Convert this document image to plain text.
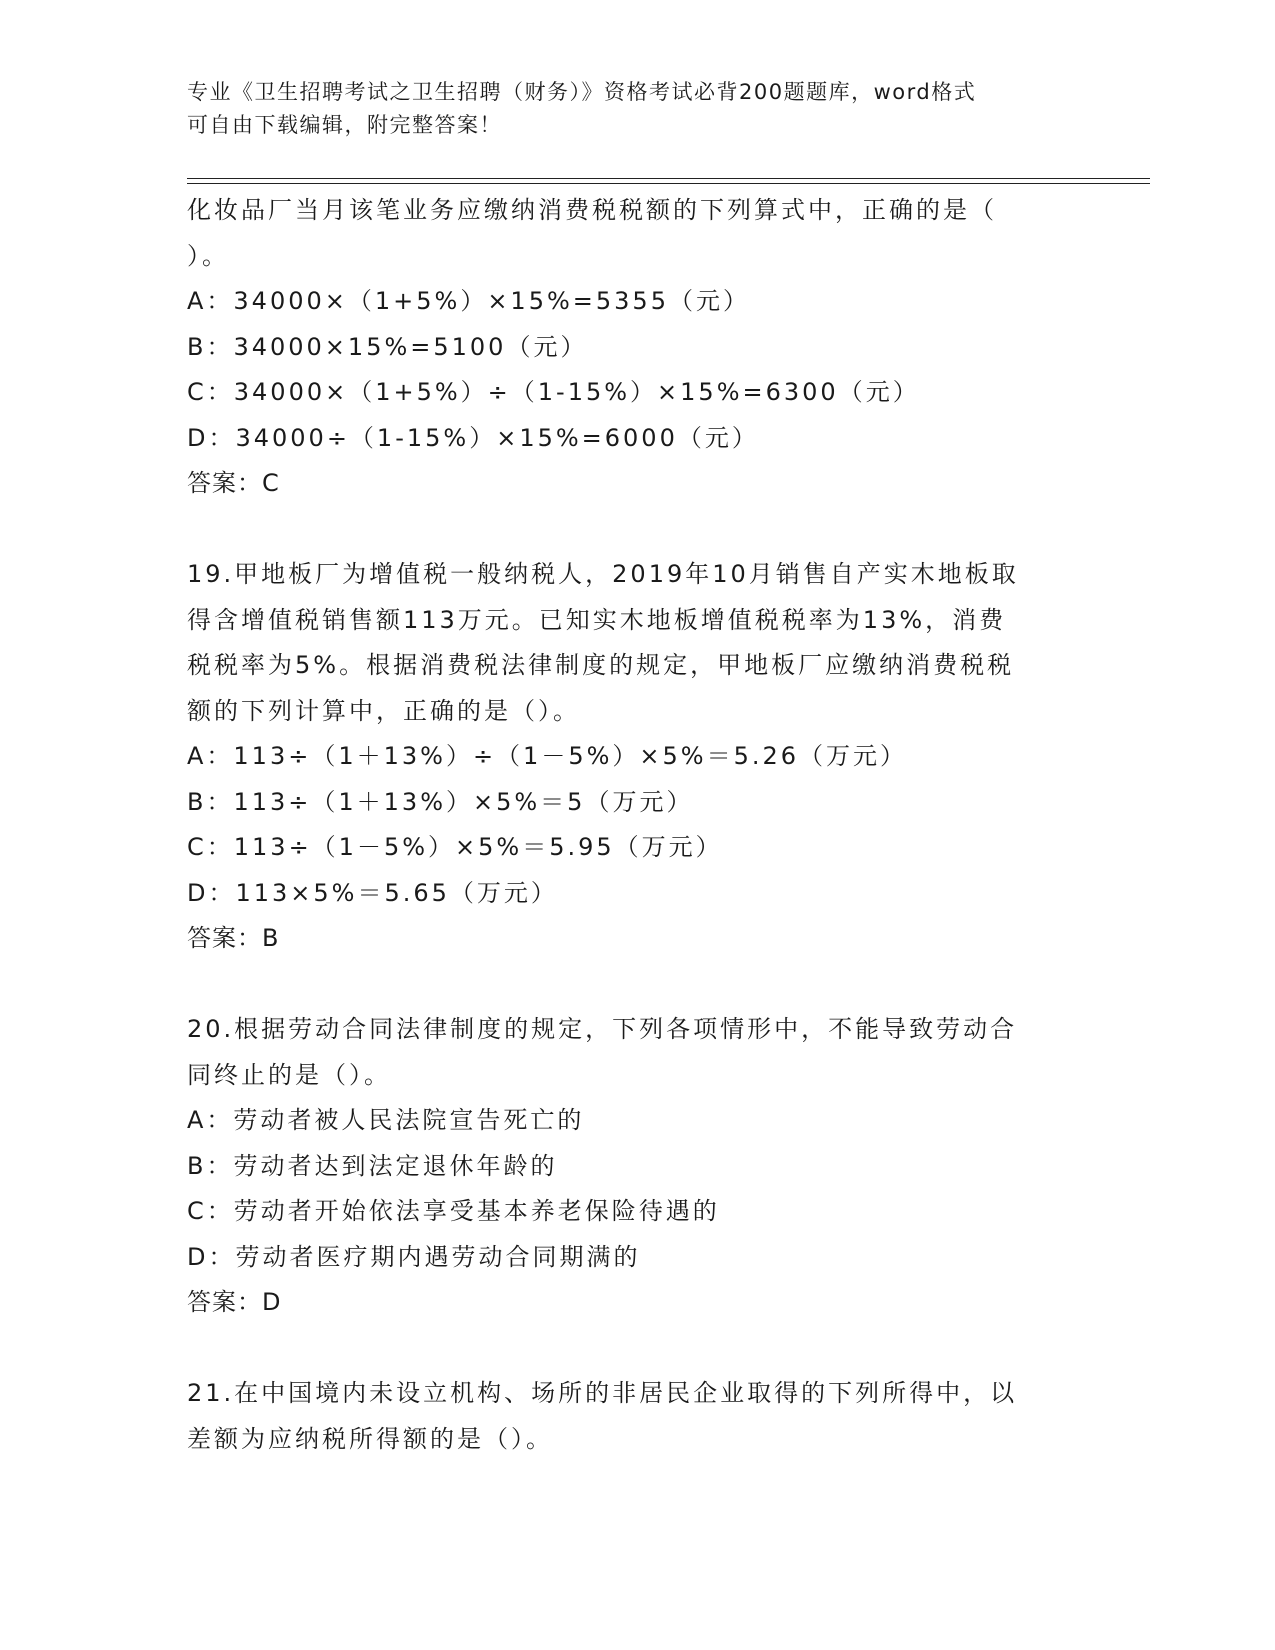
专业《卫生招聘考试之卫生招聘（财务）》资格考试必背200题题库，word格式
可自由下载编辑，附完整答案！
化妆品厂当月该笔业务应缴纳消费税税额的下列算式中，正确的是（
）。
A：34000×（1+5%）×15%=5355（元）
B：34000×15%=5100（元）
C：34000×（1+5%）÷（1-15%）×15%=6300（元）
D：34000÷（1-15%）×15%=6000（元）
答案：C
19.甲地板厂为增值税一般纳税人，2019年10月销售自产实木地板取
得含增值税销售额113万元。已知实木地板增值税税率为13%，消费
税税率为5%。根据消费税法律制度的规定，甲地板厂应缴纳消费税税
额的下列计算中，正确的是（）。
A：113÷（1＋13%）÷（1－5%）×5%＝5.26（万元）
B：113÷（1＋13%）×5%＝5（万元）
C：113÷（1－5%）×5%＝5.95（万元）
D：113×5%＝5.65（万元）
答案：B
20.根据劳动合同法律制度的规定，下列各项情形中，不能导致劳动合
同终止的是（）。
A：劳动者被人民法院宣告死亡的
B：劳动者达到法定退休年龄的
C：劳动者开始依法享受基本养老保险待遇的
D：劳动者医疗期内遇劳动合同期满的
答案：D
21.在中国境内未设立机构、场所的非居民企业取得的下列所得中，以
差额为应纳税所得额的是（）。
